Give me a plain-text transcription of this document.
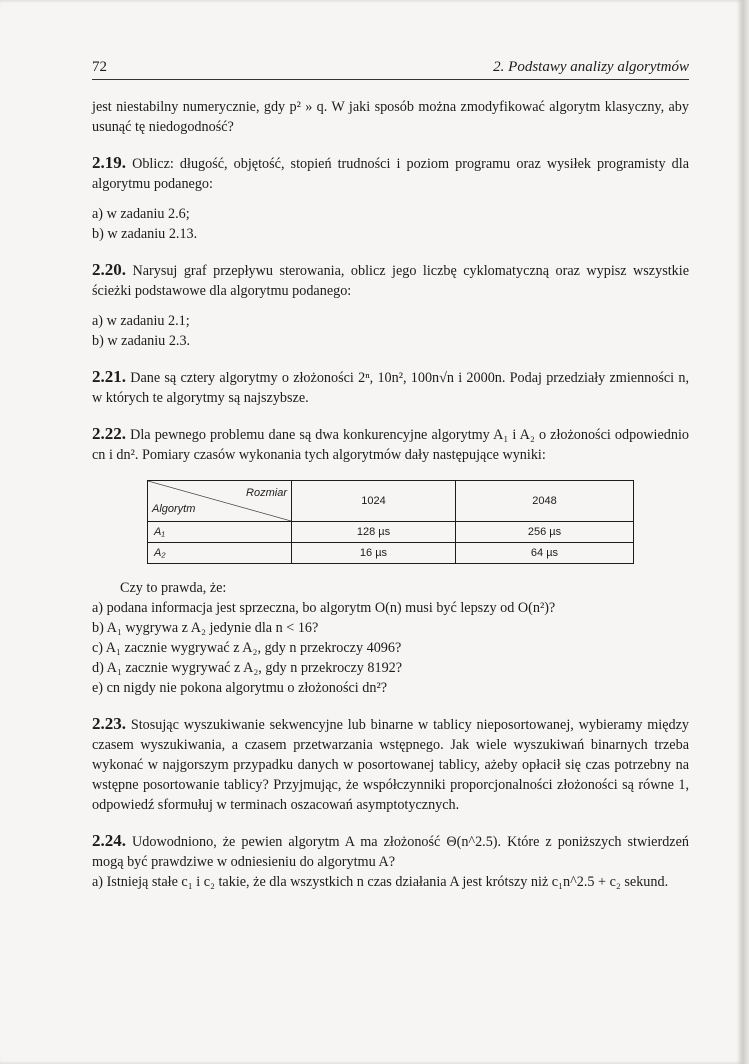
72	2. Podstawy analizy algorytmów

jest niestabilny numerycznie, gdy p² » q. W jaki sposób można zmodyfikować algorytm klasyczny, aby usunąć tę niedogodność?

2.19. Oblicz: długość, objętość, stopień trudności i poziom programu oraz wysiłek programisty dla algorytmu podanego:

a) w zadaniu 2.6;

b) w zadaniu 2.13.

2.20. Narysuj graf przepływu sterowania, oblicz jego liczbę cyklomatyczną oraz wypisz wszystkie ścieżki podstawowe dla algorytmu podanego:

a) w zadaniu 2.1;

b) w zadaniu 2.3.

2.21. Dane są cztery algorytmy o złożoności 2ⁿ, 10n², 100n√n i 2000n. Podaj przedziały zmienności n, w których te algorytmy są najszybsze.

2.22. Dla pewnego problemu dane są dwa konkurencyjne algorytmy A₁ i A₂ o złożoności odpowiednio cn i dn². Pomiary czasów wykonania tych algorytmów dały następujące wyniki:

Rozmiar
Algorytm	1024	2048
A₁	128 µs	256 µs
A₂	16 µs	64 µs

Czy to prawda, że:

a) podana informacja jest sprzeczna, bo algorytm O(n) musi być lepszy od O(n²)?

b) A₁ wygrywa z A₂ jedynie dla n < 16?

c) A₁ zacznie wygrywać z A₂, gdy n przekroczy 4096?

d) A₁ zacznie wygrywać z A₂, gdy n przekroczy 8192?

e) cn nigdy nie pokona algorytmu o złożoności dn²?

2.23. Stosując wyszukiwanie sekwencyjne lub binarne w tablicy nieposortowanej, wybieramy między czasem wyszukiwania, a czasem przetwarzania wstępnego. Jak wiele wyszukiwań binarnych trzeba wykonać w najgorszym przypadku danych w posortowanej tablicy, ażeby opłacił się czas potrzebny na wstępne posortowanie tablicy? Przyjmując, że współczynniki proporcjonalności złożoności są równe 1, odpowiedź sformułuj w terminach oszacowań asymptotycznych.

2.24. Udowodniono, że pewien algorytm A ma złożoność Θ(n^2.5). Które z poniższych stwierdzeń mogą być prawdziwe w odniesieniu do algorytmu A?

a) Istnieją stałe c₁ i c₂ takie, że dla wszystkich n czas działania A jest krótszy niż c₁n^2.5 + c₂ sekund.
